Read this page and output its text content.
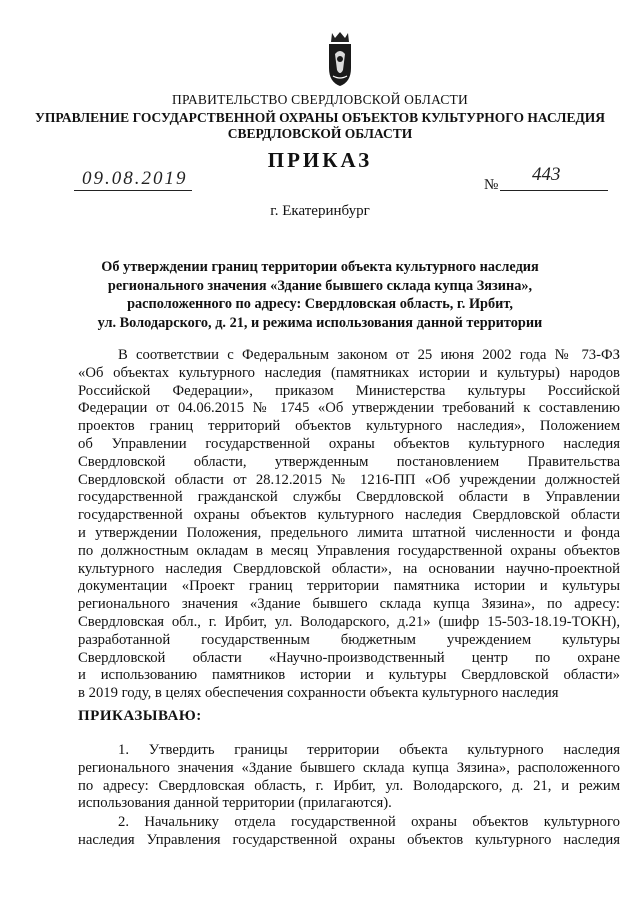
ПРАВИТЕЛЬСТВО СВЕРДЛОВСКОЙ ОБЛАСТИ
УПРАВЛЕНИЕ ГОСУДАРСТВЕННОЙ ОХРАНЫ ОБЪЕКТОВ КУЛЬТУРНОГО НАСЛЕДИЯ
СВЕРДЛОВСКОЙ ОБЛАСТИ
ПРИКАЗ
09.08.2019	№ 443
г. Екатеринбург
Об утверждении границ территории объекта культурного наследия
регионального значения «Здание бывшего склада купца Зязина»,
расположенного по адресу: Свердловская область, г. Ирбит,
ул. Володарского, д. 21, и режима использования данной территории
В соответствии с Федеральным законом от 25 июня 2002 года № 73-ФЗ
«Об объектах культурного наследия (памятниках истории и культуры) народов
Российской Федерации», приказом Министерства культуры Российской
Федерации от 04.06.2015 № 1745 «Об утверждении требований к составлению
проектов границ территорий объектов культурного наследия», Положением
об Управлении государственной охраны объектов культурного наследия
Свердловской области, утвержденным постановлением Правительства
Свердловской области от 28.12.2015 № 1216-ПП «Об учреждении должностей
государственной гражданской службы Свердловской области в Управлении
государственной охраны объектов культурного наследия Свердловской области
и утверждении Положения, предельного лимита штатной численности и фонда
по должностным окладам в месяц Управления государственной охраны объектов
культурного наследия Свердловской области», на основании научно-проектной
документации «Проект границ территории памятника истории и культуры
регионального значения «Здание бывшего склада купца Зязина», по адресу:
Свердловская обл., г. Ирбит, ул. Володарского, д.21» (шифр 15-503-18.19-ТОКН),
разработанной государственным бюджетным учреждением культуры
Свердловской области «Научно-производственный центр по охране
и использованию памятников истории и культуры Свердловской области»
в 2019 году, в целях обеспечения сохранности объекта культурного наследия
ПРИКАЗЫВАЮ:
1. Утвердить границы территории объекта культурного наследия
регионального значения «Здание бывшего склада купца Зязина», расположенного
по адресу: Свердловская область, г. Ирбит, ул. Володарского, д. 21, и режим
использования данной территории (прилагаются).
2. Начальнику отдела государственной охраны объектов культурного
наследия Управления государственной охраны объектов культурного наследия
